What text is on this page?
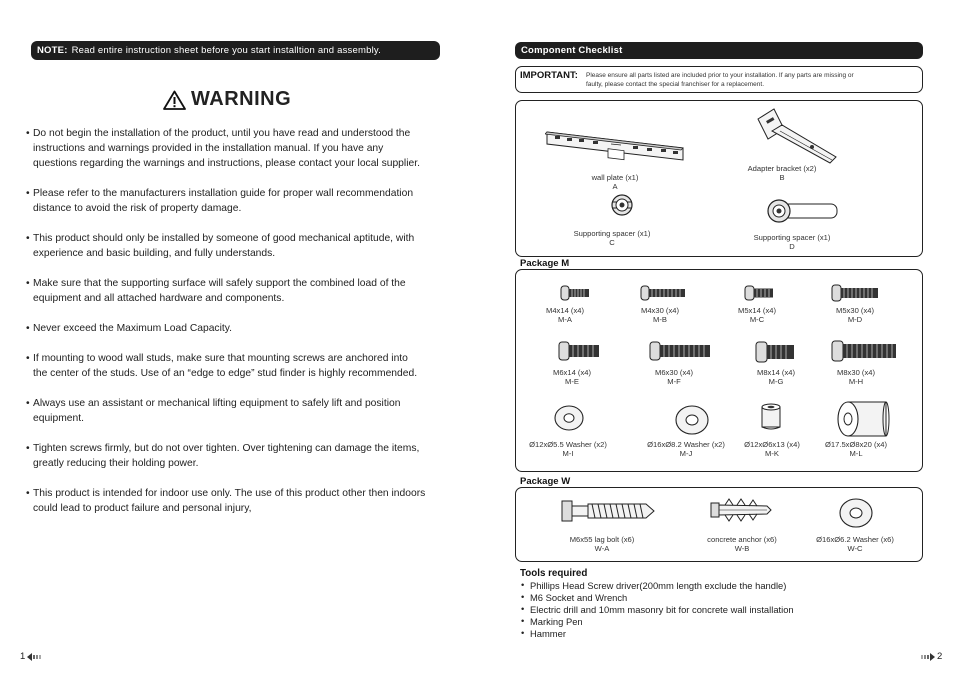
NOTE: Read entire instruction sheet before you start installtion and assembly.
WARNING
• Do not begin the installation of the product, until you have read and understood the
instructions and warnings provided in the installation manual. If you have any
questions regarding the warnings and instructions, please contact your local supplier.
• Please refer to the manufacturers installation guide for proper wall recommendation
distance to avoid the risk of property damage.
• This product should only be installed by someone of good mechanical aptitude, with
experience and basic building, and fully understands.
• Make sure that the supporting surface will safely support the combined load of the
equipment and all attached hardware and components.
• Never exceed the Maximum Load Capacity.
• If mounting to wood wall studs, make sure that mounting screws are anchored into
the center of the studs. Use of an “edge to edge” stud finder is highly recommended.
• Always use an assistant or mechanical lifting equipment to safely lift and position
equipment.
• Tighten screws firmly, but do not over tighten. Over tightening can damage the items,
greatly reducing their holding power.
• This product is intended for indoor use only. The use of this product other then indoors
could lead to product failure and personal injury,
Component Checklist
IMPORTANT: Please ensure all parts listed are included prior to your installation. If any parts are missing or
faulty, please contact the special franchiser for a replacement.
wall plate (x1)
A
Adapter bracket (x2)
B
Supporting spacer (x1)
C
Supporting spacer (x1)
D
Package M
M4x14 (x4)
M-A
M4x30 (x4)
M-B
M5x14 (x4)
M-C
M5x30 (x4)
M-D
M6x14 (x4)
M-E
M6x30 (x4)
M-F
M8x14 (x4)
M-G
M8x30 (x4)
M-H
Ø12xØ5.5 Washer (x2)
M-I
Ø16xØ8.2 Washer (x2)
M-J
Ø12xØ6x13 (x4)
M-K
Ø17.5xØ8x20 (x4)
M-L
Package W
M6x55 lag bolt (x6)
W-A
concrete anchor (x6)
W-B
Ø16xØ6.2 Washer (x6)
W-C
Tools required
• Phillips Head Screw driver(200mm length exclude the handle)
• M6 Socket and Wrench
• Electric drill and 10mm masonry bit for concrete wall installation
• Marking Pen
• Hammer
1	2
